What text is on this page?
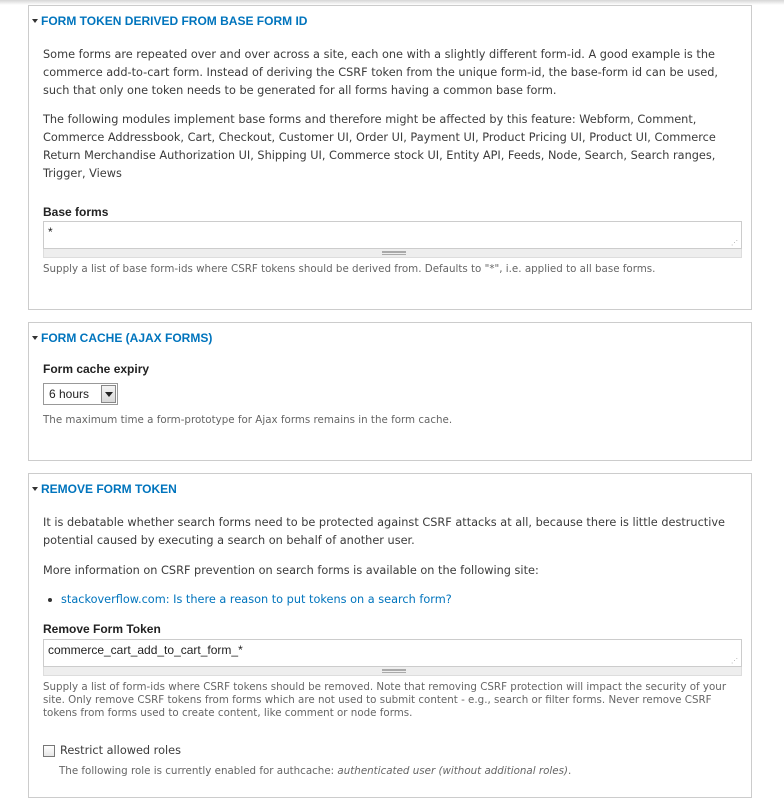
FORM TOKEN DERIVED FROM BASE FORM ID

Some forms are repeated over and over across a site, each one with a slightly different form-id. A good example is the

commerce add-to-cart form. Instead of deriving the CSRF token from the unique form-id, the base-form id can be used,

such that only one token needs to be generated for all forms having a common base form.

The following modules implement base forms and therefore might be affected by this feature: Webform, Comment,

Commerce Addressbook, Cart, Checkout, Customer UI, Order UI, Payment UI, Product Pricing UI, Product UI, Commerce

Return Merchandise Authorization UI, Shipping UI, Commerce stock UI, Entity API, Feeds, Node, Search, Search ranges,

Trigger, Views

Base forms
*
⋰

Supply a list of base form-ids where CSRF tokens should be derived from. Defaults to "*", i.e. applied to all base forms.

FORM CACHE (AJAX FORMS)
Form cache expiry
6 hours

The maximum time a form-prototype for Ajax forms remains in the form cache.

REMOVE FORM TOKEN

It is debatable whether search forms need to be protected against CSRF attacks at all, because there is little destructive

potential caused by executing a search on behalf of another user.

More information on CSRF prevention on search forms is available on the following site:

stackoverflow.com: Is there a reason to put tokens on a search form?
Remove Form Token
commerce_cart_add_to_cart_form_*
⋰

Supply a list of form-ids where CSRF tokens should be removed. Note that removing CSRF protection will impact the security of your

site. Only remove CSRF tokens from forms which are not used to submit content - e.g., search or filter forms. Never remove CSRF

tokens from forms used to create content, like comment or node forms.

Restrict allowed roles
The following role is currently enabled for authcache: authenticated user (without additional roles).
